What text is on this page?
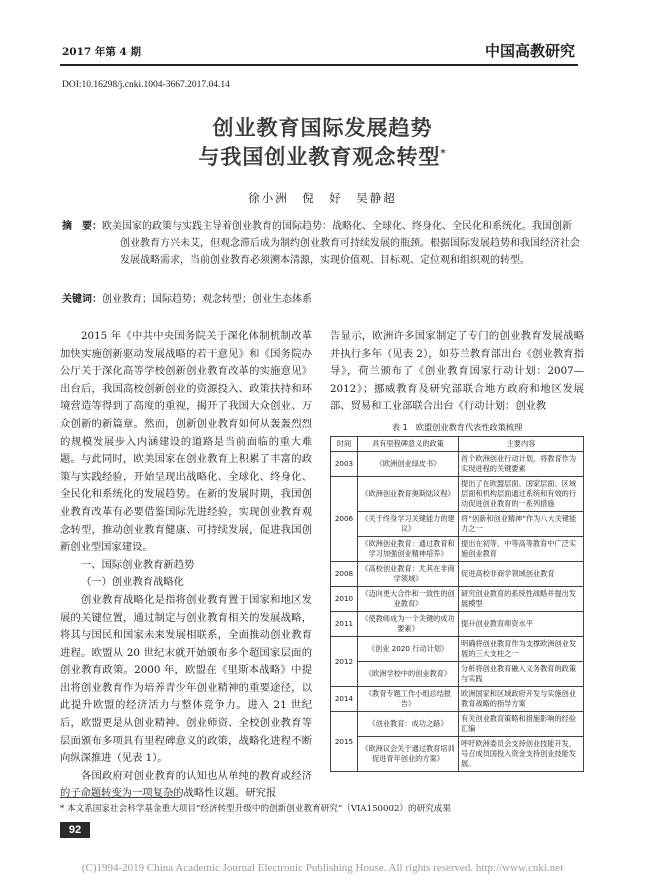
2017 年第 4 期	中国高教研究
DOI:10.16298/j.cnki.1004-3667.2017.04.14
创业教育国际发展趋势
与我国创业教育观念转型*
徐小洲　倪　好　吴静超
摘　要：欧美国家的政策与实践主导着创业教育的国际趋势：战略化、全球化、终身化、全民化和系统化。我国创新创业教育方兴未艾，但观念滞后成为制约创业教育可持续发展的瓶颈。根据国际发展趋势和我国经济社会发展战略需求，当前创业教育必须溯本清源，实现价值观、目标观、定位观和组织观的转型。
关键词：创业教育；国际趋势；观念转型；创业生态体系

2015 年《中共中央国务院关于深化体制机制改革加快实施创新驱动发展战略的若干意见》和《国务院办公厅关于深化高等学校创新创业教育改革的实施意见》出台后，我国高校创新创业的资源投入、政策扶持和环境营造等得到了高度的重视，揭开了我国大众创业、万众创新的新篇章。然而，创新创业教育如何从轰轰烈烈的规模发展步入内涵建设的道路是当前面临的重大难题。与此同时，欧美国家在创业教育上积累了丰富的政策与实践经验，开始呈现出战略化、全球化、终身化、全民化和系统化的发展趋势。在新的发展时期，我国创业教育改革有必要借鉴国际先进经验，实现创业教育观念转型，推动创业教育健康、可持续发展，促进我国创新创业型国家建设。

一、国际创业教育新趋势
（一）创业教育战略化

创业教育战略化是指将创业教育置于国家和地区发展的关键位置，通过制定与创业教育相关的发展战略，将其与国民和国家未来发展相联系，全面推动创业教育进程。欧盟从 20 世纪末就开始颁布多个超国家层面的创业教育政策。2000 年，欧盟在《里斯本战略》中提出将创业教育作为培养青少年创业精神的重要途径，以此提升欧盟的经济活力与整体竞争力。进入 21 世纪后，欧盟更是从创业精神、创业师资、全校创业教育等层面颁布多项具有里程碑意义的政策，战略化进程不断向纵深推进（见表 1）。

各国政府对创业教育的认知也从单纯的教育或经济的子命题转变为一项复杂的战略性议题。研究报

告显示，欧洲许多国家制定了专门的创业教育发展战略并执行多年（见表 2），如芬兰教育部出台《创业教育指导》，荷兰颁布了《创业教育国家行动计划：2007—2012》；挪威教育及研究部联合地方政府和地区发展部、贸易和工业部联合出台《行动计划：创业教

表 1　欧盟创业教育代表性政策梳理
时间	具有里程碑意义的政策	主要内容
2003	《欧洲创业绿皮书》	首个欧洲创业行动计划，将教育作为实现进程的关键要素
2006	《欧洲创业教育奥斯陆议程》	提出了在欧盟层面、国家层面、区域层面和机构层面通过系统和有效的行动促进创业教育的一系列措施
	《关于终身学习关键能力的建议》	将“创新和创业精神”作为八大关键能力之一
	《欧洲创业教育：通过教育和学习加强创业精神培养》	提出在初等、中等高等教育中广泛实施创业教育
2008	《高校创业教育：尤其在非商学领域》	促进高校非商学领域创业教育
2010	《迈向更大合作和一致性的创业教育》	研究创业教育的系统性战略并提出发展模型
2011	《使教师成为一个关键的成功要素》	提升创业教育师资水平
2012	《创业 2020 行动计划》	明确将创业教育作为支撑欧洲创业发展的三大支柱之一
	《欧洲学校中的创业教育》	分析将创业教育融入义务教育的政策与实践
2014	《教育专题工作小组总结报告》	欧洲国家和区域政府开发与实施创业教育战略的指导方案
2015	《创业教育：成功之路》	有关创业教育策略和措施影响的经验汇编
	《欧洲议会关于通过教育培训促进青年创业的方案》	呼吁欧洲委员会支持创业技能开发，号召成员国投入资金支持创业技能发展。
* 本文系国家社会科学基金重大项目“经济转型升级中的创新创业教育研究”（VIA150002）的研究成果
92
(C)1994-2019 China Academic Journal Electronic Publishing House. All rights reserved. http://www.cnki.net
